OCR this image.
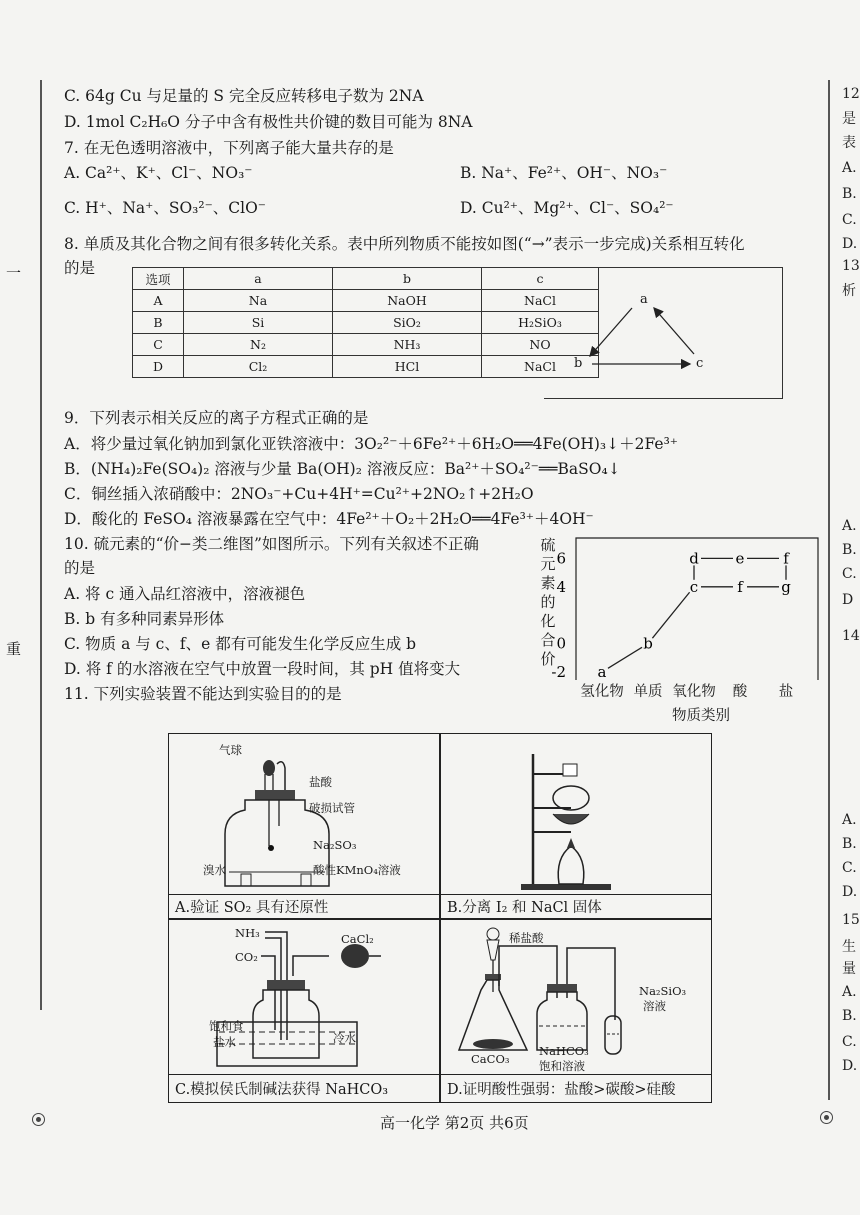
一
重
12
是
表
A.
B.
C.
D.
13
析
A.
B.
C.
D
14
A.
B.
C.
D.
15
生
量
A.
B.
C.
D.
C. 64g Cu 与足量的 S 完全反应转移电子数为 2NA
D. 1mol C₂H₆O 分子中含有极性共价键的数目可能为 8NA
7. 在无色透明溶液中，下列离子能大量共存的是
A. Ca²⁺、K⁺、Cl⁻、NO₃⁻	B. Na⁺、Fe²⁺、OH⁻、NO₃⁻
C. H⁺、Na⁺、SO₃²⁻、ClO⁻	D. Cu²⁺、Mg²⁺、Cl⁻、SO₄²⁻
8. 单质及其化合物之间有很多转化关系。表中所列物质不能按如图(“→”表示一步完成)关系相互转化
的是
选项	a	b	c
A	Na	NaOH	NaCl
B	Si	SiO₂	H₂SiO₃
C	N₂	NH₃	NO
D	Cl₂	HCl	NaCl
a
b	c
9．下列表示相关反应的离子方程式正确的是
A．将少量过氧化钠加到氯化亚铁溶液中：3O₂²⁻＋6Fe²⁺＋6H₂O══4Fe(OH)₃↓＋2Fe³⁺
B．(NH₄)₂Fe(SO₄)₂ 溶液与少量 Ba(OH)₂ 溶液反应：Ba²⁺＋SO₄²⁻══BaSO₄↓
C．铜丝插入浓硝酸中：2NO₃⁻+Cu+4H⁺=Cu²⁺+2NO₂↑+2H₂O
D．酸化的 FeSO₄ 溶液暴露在空气中：4Fe²⁺＋O₂＋2H₂O══4Fe³⁺＋4OH⁻
10. 硫元素的“价−类二维图”如图所示。下列有关叙述不正确
的是
A. 将 c 通入品红溶液中，溶液褪色
B. b 有多种同素异形体
C. 物质 a 与 c、f、e 都有可能发生化学反应生成 b
D. 将 f 的水溶液在空气中放置一段时间，其 pH 值将变大
11. 下列实验装置不能达到实验目的的是
硫元素的化合价
-2
0
4
6
a
b
c
d e
f
f
g
氢化物 单质 氧化物	酸	盐
物质类别
气球
盐酸
破损试管
Na₂SO₃
溴水	酸性KMnO₄溶液
A.验证 SO₂ 具有还原性	B.分离 I₂ 和 NaCl 固体
NH₃
CO₂
CaCl₂
饱和食
盐水	冷水
C.模拟侯氏制碱法获得 NaHCO₃
稀盐酸
Na₂SiO₃
溶液
CaCO₃
NaHCO₃
饱和溶液
D.证明酸性强弱：盐酸>碳酸>硅酸
高一化学 第2页 共6页
